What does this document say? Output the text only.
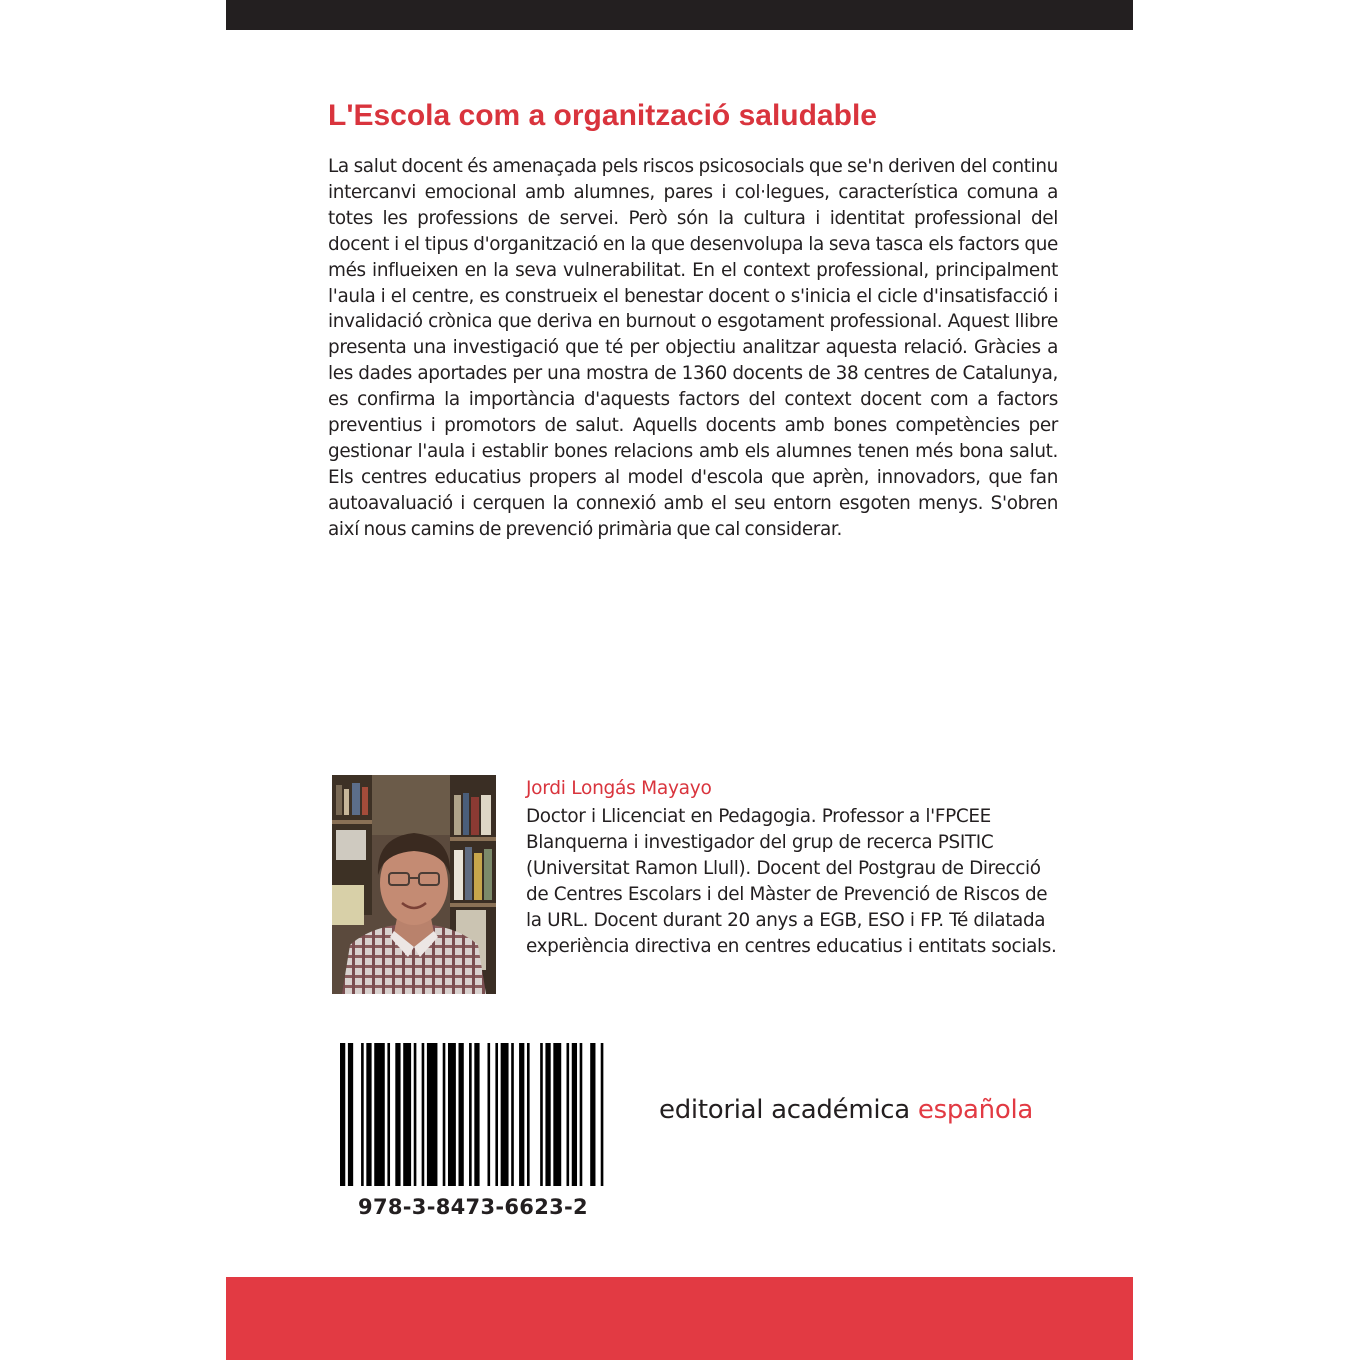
L'Escola com a organització saludable
La salut docent és amenaçada pels riscos psicosocials que se'n deriven del continu intercanvi emocional amb alumnes, pares i col·legues, característica comuna a totes les professions de servei. Però són la cultura i identitat professional del docent i el tipus d'organització en la que desenvolupa la seva tasca els factors que més influeixen en la seva vulnerabilitat. En el context professional, principalment l'aula i el centre, es construeix el benestar docent o s'inicia el cicle d'insatisfacció i invalidació crònica que deriva en burnout o esgotament professional. Aquest llibre presenta una investigació que té per objectiu analitzar aquesta relació. Gràcies a les dades aportades per una mostra de 1360 docents de 38 centres de Catalunya, es confirma la importància d'aquests factors del context docent com a factors preventius i promotors de salut. Aquells docents amb bones competències per gestionar l'aula i establir bones relacions amb els alumnes tenen més bona salut. Els centres educatius propers al model d'escola que aprèn, innovadors, que fan autoavaluació i cerquen la connexió amb el seu entorn esgoten menys. S'obren així nous camins de prevenció primària que cal considerar.
Jordi Longás Mayayo
Doctor i Llicenciat en Pedagogia. Professor a l'FPCEE Blanquerna i investigador del grup de recerca PSITIC (Universitat Ramon Llull). Docent del Postgrau de Direcció de Centres Escolars i del Màster de Prevenció de Riscos de la URL. Docent durant 20 anys a EGB, ESO i FP. Té dilatada experiència directiva en centres educatius i entitats socials.
978-3-8473-6623-2
editorial académica española
